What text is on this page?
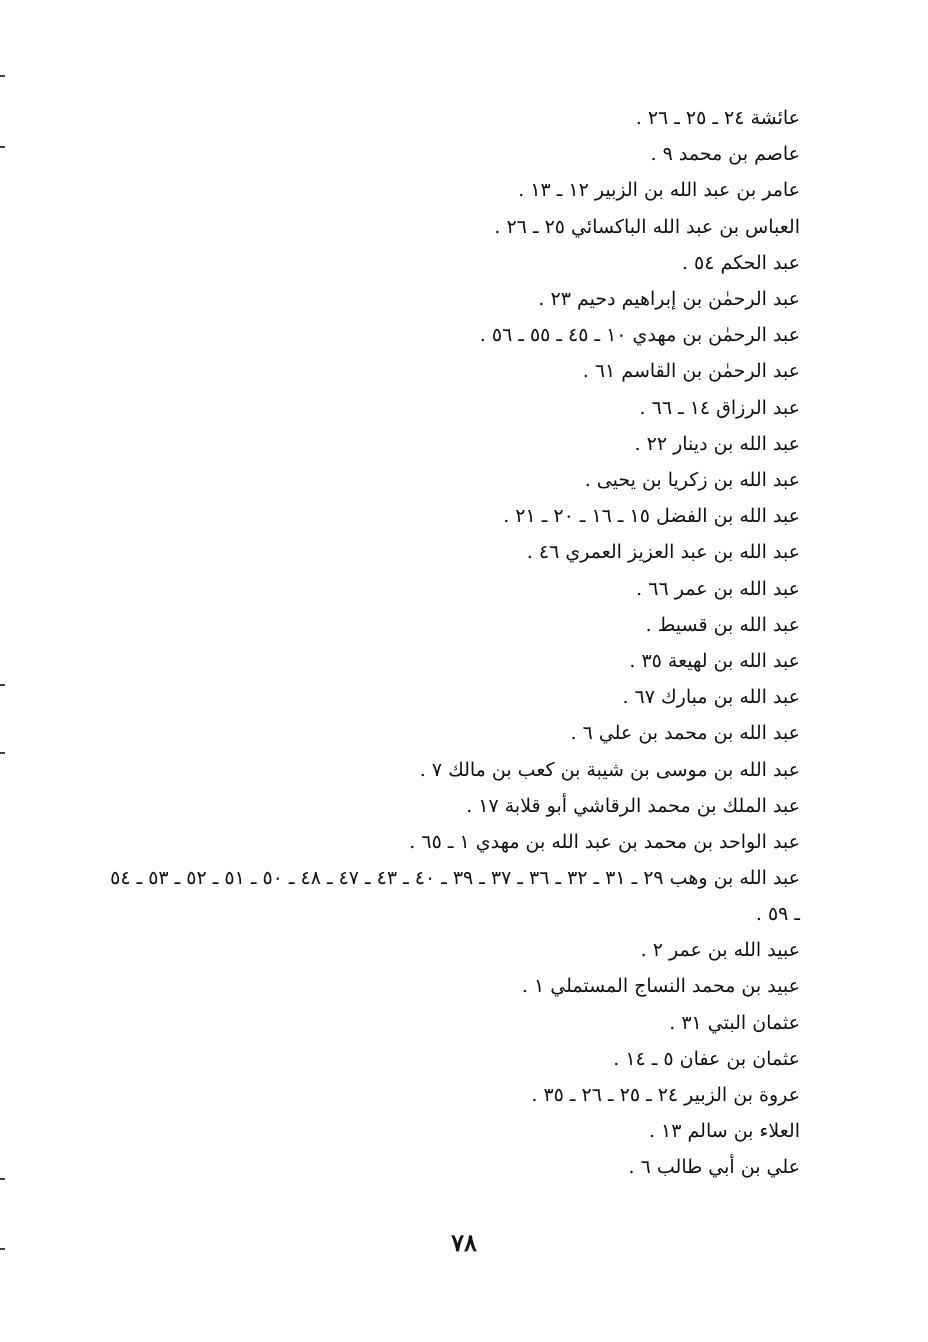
عائشة ٢٤ ـ ٢٥ ـ ٢٦ .
عاصم بن محمد ٩ .
عامر بن عبد الله بن الزبير ١٢ ـ ١٣ .
العباس بن عبد الله الباكسائي ٢٥ ـ ٢٦ .
عبد الحكم ٥٤ .
عبد الرحمٰن بن إبراهيم دحيم ٢٣ .
عبد الرحمٰن بن مهدي ١٠ ـ ٤٥ ـ ٥٥ ـ ٥٦ .
عبد الرحمٰن بن القاسم ٦١ .
عبد الرزاق ١٤ ـ ٦٦ .
عبد الله بن دينار ٢٢ .
عبد الله بن زكريا بن يحيى .
عبد الله بن الفضل ١٥ ـ ١٦ ـ ٢٠ ـ ٢١ .
عبد الله بن عبد العزيز العمري ٤٦ .
عبد الله بن عمر ٦٦ .
عبد الله بن قسيط .
عبد الله بن لهيعة ٣٥ .
عبد الله بن مبارك ٦٧ .
عبد الله بن محمد بن علي ٦ .
عبد الله بن موسى بن شيبة بن كعب بن مالك ٧ .
عبد الملك بن محمد الرقاشي أبو قلابة ١٧ .
عبد الواحد بن محمد بن عبد الله بن مهدي ١ ـ ٦٥ .
عبد الله بن وهب ٢٩ ـ ٣١ ـ ٣٢ ـ ٣٦ ـ ٣٧ ـ ٣٩ ـ ٤٠ ـ ٤٣ ـ ٤٧ ـ ٤٨ ـ ٥٠ ـ ٥١ ـ ٥٢ ـ ٥٣ ـ ٥٤ ـ ٥٩ .
عبيد الله بن عمر ٢ .
عبيد بن محمد النساج المستملي ١ .
عثمان البتي ٣١ .
عثمان بن عفان ٥ ـ ١٤ .
عروة بن الزبير ٢٤ ـ ٢٥ ـ ٢٦ ـ ٣٥ .
العلاء بن سالم ١٣ .
علي بن أبي طالب ٦ .
٧٨
